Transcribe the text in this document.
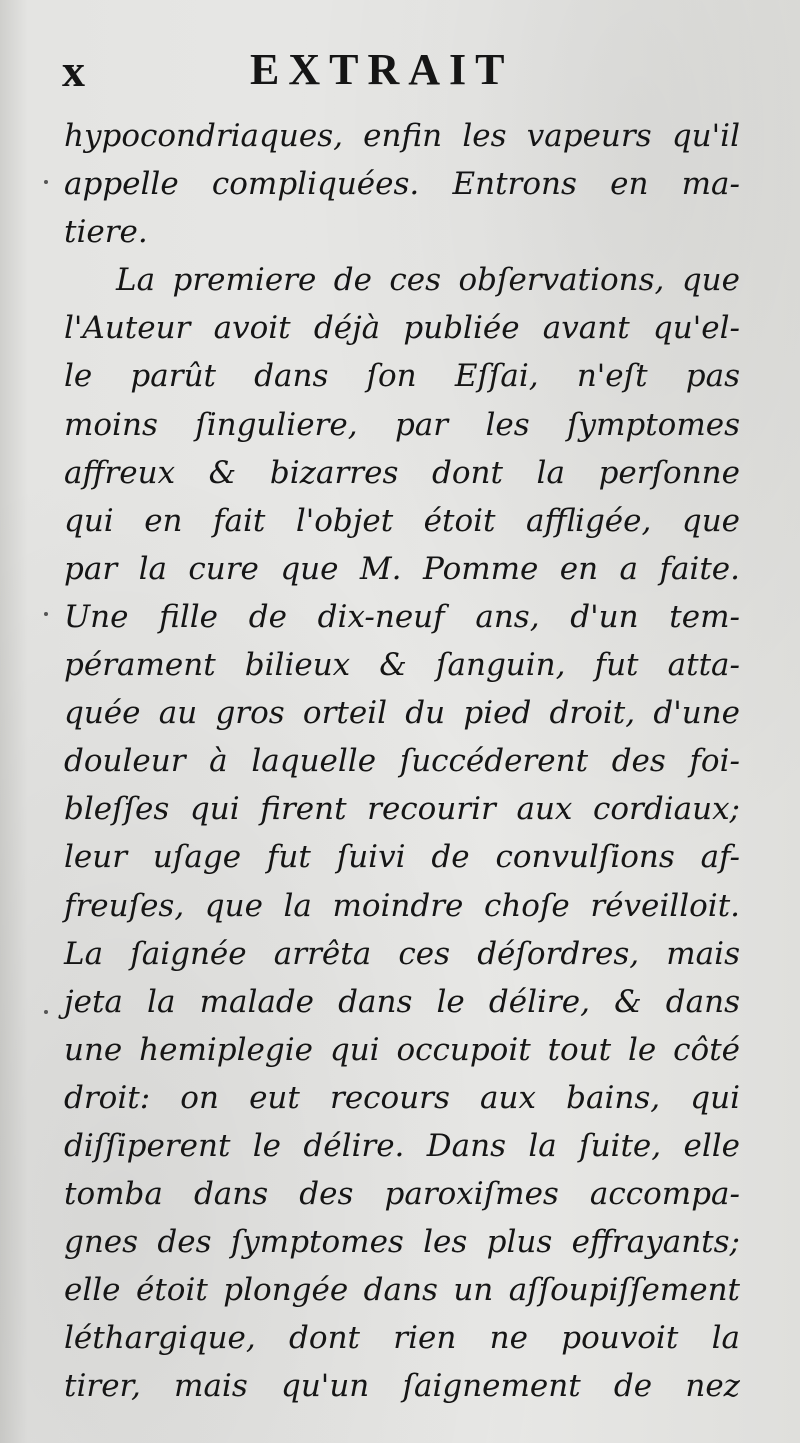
x	EXTRAIT
hypocondriaques, enfin les vapeurs qu'il
appelle compliquées. Entrons en ma-
tiere.
La premiere de ces obſervations, que
l'Auteur avoit déjà publiée avant qu'el-
le parût dans ſon Eſſai, n'eſt pas
moins ſinguliere, par les ſymptomes
affreux & bizarres dont la perſonne
qui en fait l'objet étoit affligée, que
par la cure que M. Pomme en a faite.
Une fille de dix-neuf ans, d'un tem-
pérament bilieux & ſanguin, fut atta-
quée au gros orteil du pied droit, d'une
douleur à laquelle ſuccéderent des foi-
bleſſes qui firent recourir aux cordiaux;
leur uſage fut ſuivi de convulſions af-
freuſes, que la moindre choſe réveilloit.
La ſaignée arrêta ces déſordres, mais
jeta la malade dans le délire, & dans
une hemiplegie qui occupoit tout le côté
droit: on eut recours aux bains, qui
diſſiperent le délire. Dans la ſuite, elle
tomba dans des paroxiſmes accompa-
gnes des ſymptomes les plus effrayants;
elle étoit plongée dans un aſſoupiſſement
léthargique, dont rien ne pouvoit la
tirer, mais qu'un ſaignement de nez
